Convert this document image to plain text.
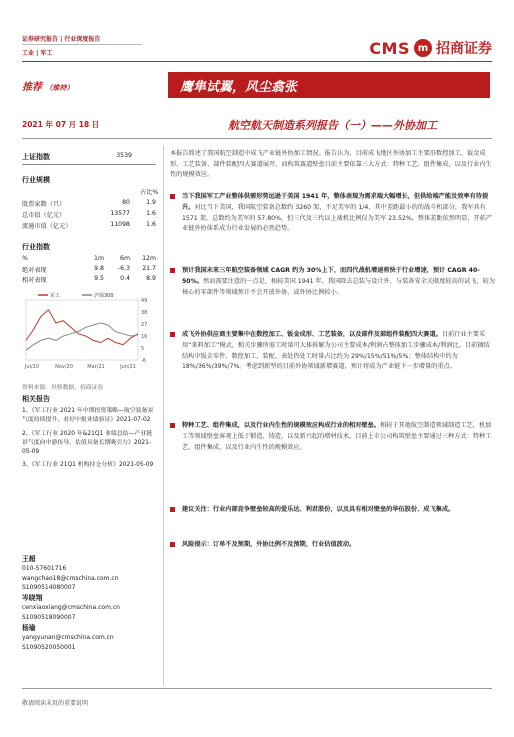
证券研究报告 | 行业深度报告
工业 | 军工	CMS m 招商证券
推荐 （维持）	鹰隼试翼，风尘翕张
2021 年 07 月 18 日	航空航天制造系列报告（一）——外协加工
上证指数	3539
行业规模
占比%
股票家数（只）	80	1.9
总市值（亿元）	13577	1.6
流通市值（亿元）	11098	1.6
行业指数
%	1m	6m	12m
绝对表现	9.8	-6.3	21.7
相对表现	9.5	0.4	8.9
49
38
27
16
5
-6
Jul/20	Nov/20	Mar/21	Jun/21
军工	沪深300
资料来源：贝格数据、招商证券
相关报告
1、《军工行业 2021 年中期投资策略—航空装备景气度持续提升，看好中报业绩验证》2021-07-02
2、《军工行业 2020 年&21Q1 业绩总结—产业链景气度向中游传导，估值具备长期吸引力》2021-05-09
3、《军工行业 21Q1 机构持仓分析》2021-05-09
王超
010-57601716
wangchao18@cmschina.com.cn
S1090514080007
岑晓翔
cenxiaoxiang@cmschina.com.cn
S1090518090007
杨瑜
yangyunan@cmschina.com.cn
S1090520050001
本报告简述了我国航空制造中成飞产业链外协加工情况。报告认为，目前成飞地区外协加工主要沿数控加工、钣金成形、工艺装备、部件装配四大赛道展开，而构筑赛道壁垒目前主要依靠三大方式：特种工艺、组件集成，以及行业内生性的规模效应。
当下我国军工产业整体供需形势远逊于美国 1941 年，整体表现为需求端大幅增长，但供给端产能及效率有待提升。对比当下美国，我国航空装备总数约 3260 架，不足美军的 1/4，其中差距最小的的战斗机部分，我军共有 1571 架，总数约为美军的 57.80%，但三代及三代以上战机比例仅为美军 23.52%，整体差距依然明显，开拓产业链外协体系成为行业发展的必然趋势。
预计我国未来三年航空装备领域 CAGR 约为 30%上下，而四代战机增速将快于行业增速，预计 CAGR 40-50%。然而需要注意的一点是，相较美国 1941 年，我国除去总装与设计外，与装备安全关联度较高的试飞、较为核心的零部件等领域预计不会开放外协、或外协比例较小。
成飞外协供应商主要集中在数控加工、钣金成形、工艺装备，以及部件及部组件装配四大赛道。目前行业主要采用“来料加工”模式，相关步骤所需工时量可大体拆解为公司主要成本/利润占整体加工步骤成本/利润比。目前钢结结构中钣金零件、数控加工、装配、表处热处工时量占比约为 29%/15%/51%/5%；整体结构中约为 18%/36%/39%/7%。考虑到新型的目前外协领域新增赛道，预计将成为产业链下一步增量的重点。
特种工艺、组件集成，以及行业内生性的规模效应构成行业的相对壁垒。相较于其他航空制造领域制造工艺，机加工等领域壁垒客观上低于锻造、铸造，以及新兴起的增材技术，目前上市公司构筑壁垒主要通过三种方式：特种工艺、组件集成，以及行业内生性的规模效应。
建议关注：行业内部竞争壁垒较高的爱乐达、利君股份，以及具有相对壁垒的华伍股份、成飞集成。
风险提示：订单不及预期，外协比例不及预期，行业估值波动。
敬请阅读末页的重要说明
